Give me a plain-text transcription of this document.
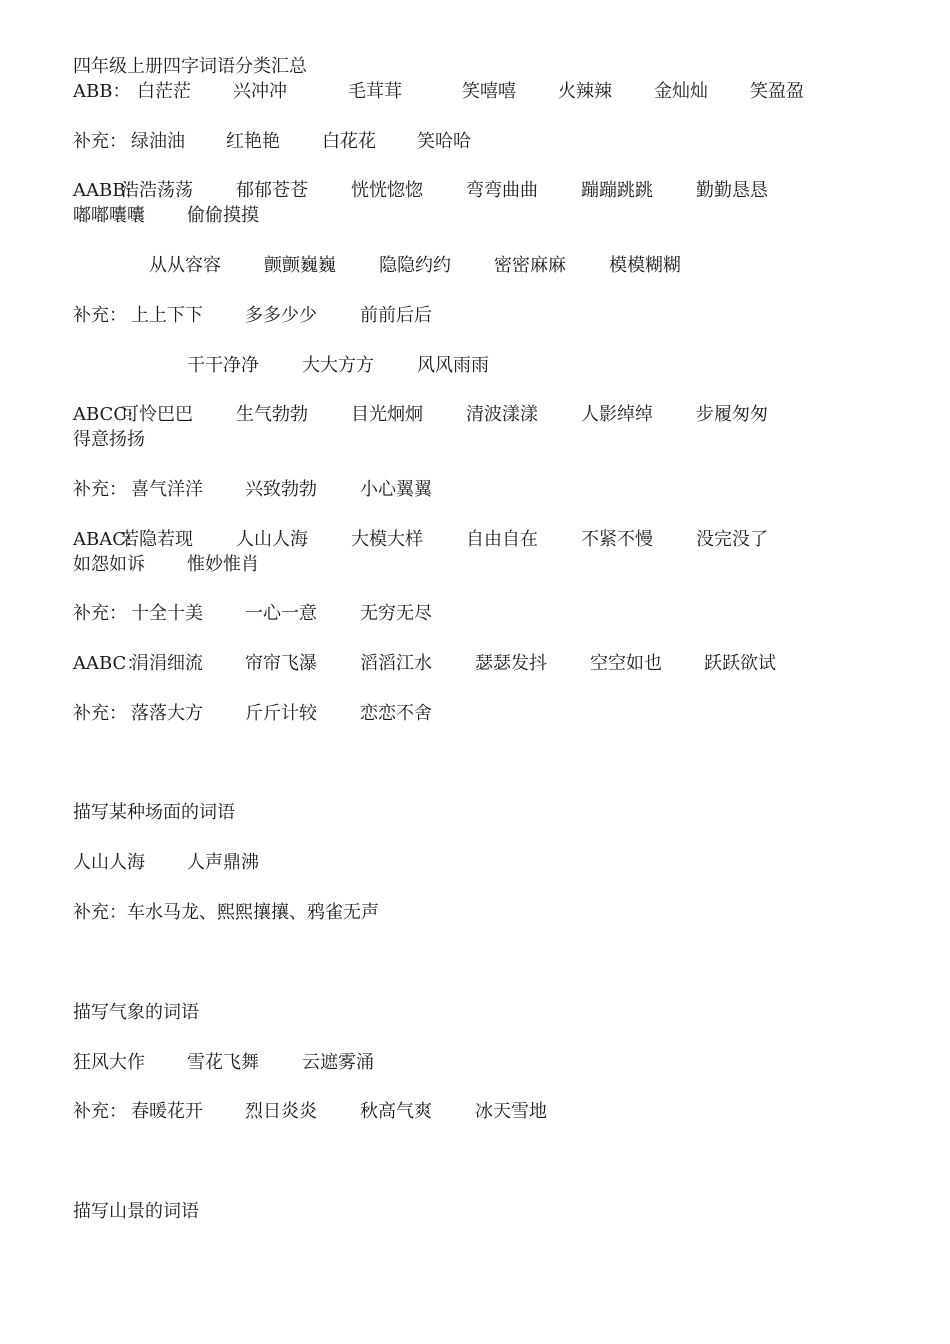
四年级上册四字词语分类汇总

ABB：

白茫茫

兴冲冲

	毛茸茸

	笑嘻嘻

火辣辣

金灿灿

笑盈盈

补充：

绿油油

红艳艳

白花花

笑哈哈

AABB:

浩浩荡荡

郁郁苍苍

恍恍惚惚

弯弯曲曲

蹦蹦跳跳

勤勤恳恳

嘟嘟囔囔

偷偷摸摸

从从容容

颤颤巍巍

隐隐约约

密密麻麻

模模糊糊

补充：

上上下下

多多少少

前前后后

干干净净

大大方方

风风雨雨

ABCC:

可怜巴巴

生气勃勃

目光炯炯

清波漾漾

人影绰绰

步履匆匆

得意扬扬

补充：

喜气洋洋

兴致勃勃

小心翼翼

ABAC:

若隐若现

人山人海

大模大样

自由自在

不紧不慢

没完没了

如怨如诉

惟妙惟肖

补充：

十全十美

一心一意

无穷无尽

AABC：

涓涓细流

帘帘飞瀑

滔滔江水

瑟瑟发抖

空空如也

跃跃欲试

补充：

落落大方

斤斤计较

恋恋不舍

描写某种场面的词语

人山人海

人声鼎沸

补充：车水马龙、熙熙攘攘、鸦雀无声
描写气象的词语

狂风大作

雪花飞舞

云遮雾涌

补充：

春暖花开

烈日炎炎

秋高气爽

冰天雪地

描写山景的词语
